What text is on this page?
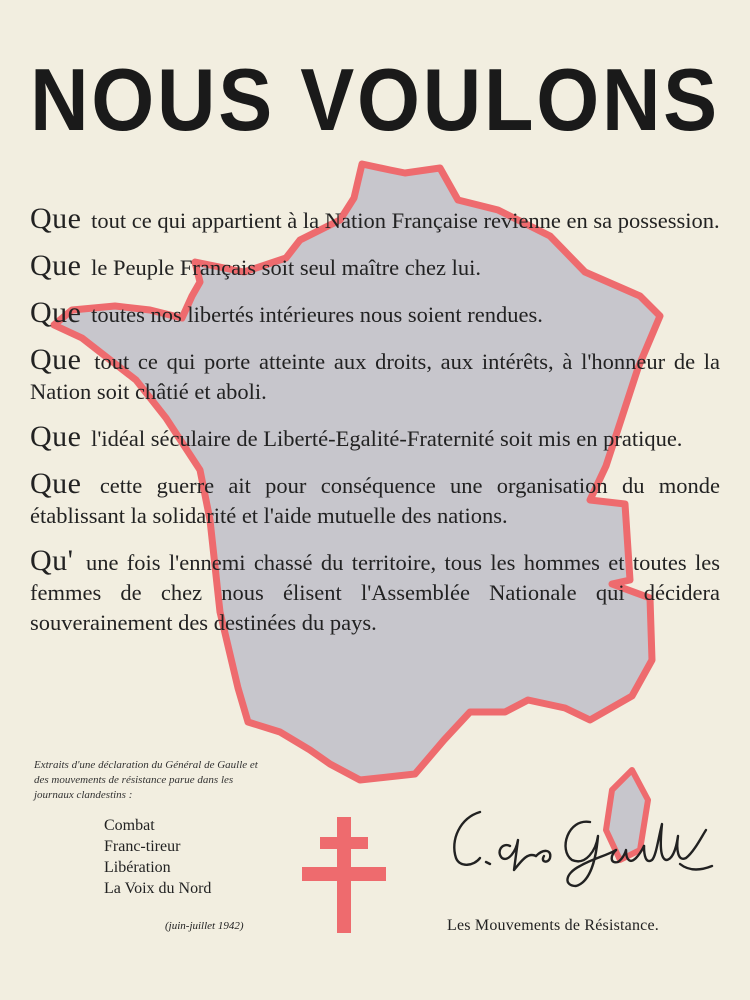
NOUS VOULONS

Que tout ce qui appartient à la Nation Française revienne en sa possession.

Que le Peuple Français soit seul maître chez lui.

Que toutes nos libertés intérieures nous soient rendues.

Que tout ce qui porte atteinte aux droits, aux intérêts, à l'honneur de la Nation soit châtié et aboli.

Que l'idéal séculaire de Liberté-Egalité-Fraternité soit mis en pratique.

Que cette guerre ait pour conséquence une organisation du monde établissant la solidarité et l'aide mutuelle des nations.

Qu' une fois l'ennemi chassé du territoire, tous les hommes et toutes les femmes de chez nous élisent l'Assemblée Nationale qui décidera souverainement des destinées du pays.

Extraits d'une déclaration du Général de Gaulle et des mouvements de résistance parue dans les journaux clandestins :
Combat
Franc-tireur
Libération
La Voix du Nord
(juin-juillet 1942)	Les Mouvements de Résistance.
